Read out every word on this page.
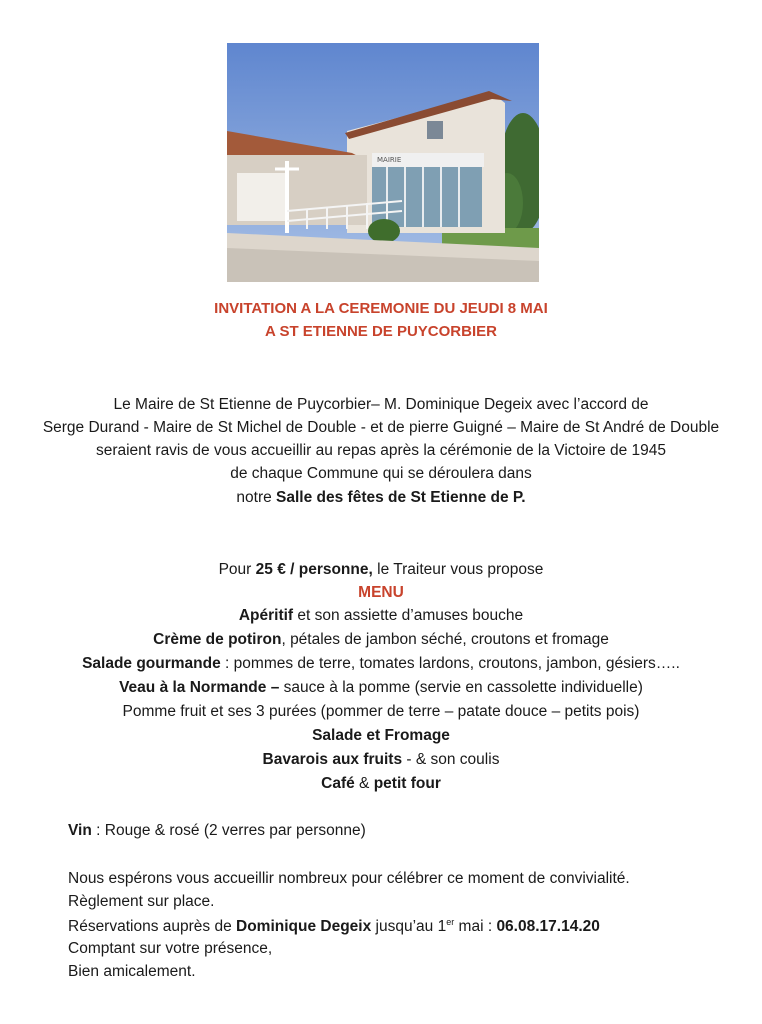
MAIRIE
INVITATION A LA CEREMONIE DU JEUDI 8 MAI
A ST ETIENNE DE PUYCORBIER
Le Maire de St Etienne de Puycorbier– M. Dominique Degeix avec l’accord de
Serge Durand - Maire de St Michel de Double - et de pierre Guigné – Maire de St André de Double
seraient ravis de vous accueillir au repas après la cérémonie de la Victoire de 1945
de chaque Commune qui se déroulera dans
notre Salle des fêtes de St Etienne de P.
Pour 25 € / personne, le Traiteur vous propose
MENU
Apéritif et son assiette d’amuses bouche
Crème de potiron, pétales de jambon séché, croutons et fromage
Salade gourmande : pommes de terre, tomates lardons, croutons, jambon, gésiers…..
Veau à la Normande – sauce à la pomme (servie en cassolette individuelle)
Pomme fruit et ses 3 purées (pommer de terre – patate douce – petits pois)
Salade et Fromage
Bavarois aux fruits - & son coulis
Café & petit four
Vin : Rouge & rosé (2 verres par personne)
Nous espérons vous accueillir nombreux pour célébrer ce moment de convivialité.
Règlement sur place.
Réservations auprès de Dominique Degeix jusqu’au 1er mai : 06.08.17.14.20
Comptant sur votre présence,
Bien amicalement.
